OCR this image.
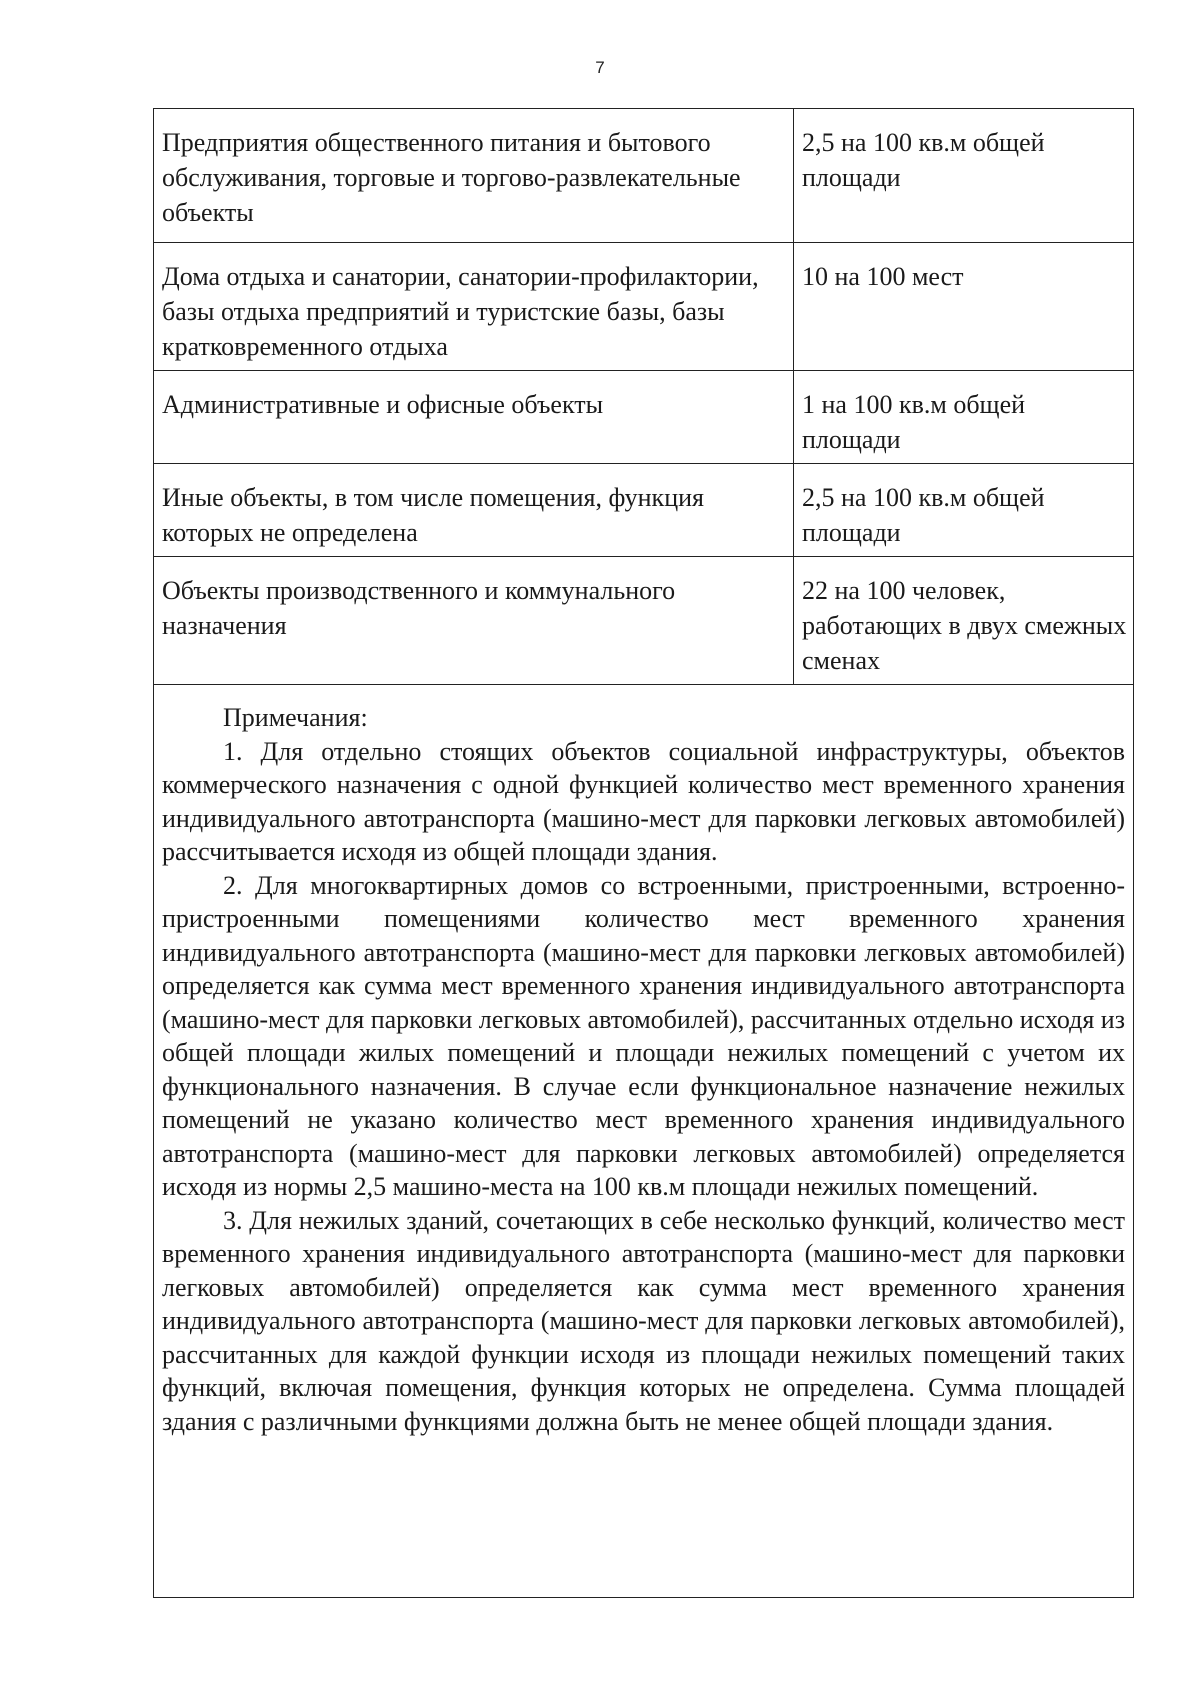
7
Предприятия общественного питания и бытового обслуживания, торговые и торгово-развлекательные объекты	2,5 на 100 кв.м общей площади
Дома отдыха и санатории, санатории-профилактории, базы отдыха предприятий и туристские базы, базы кратковременного отдыха	10 на 100 мест
Административные и офисные объекты	1 на 100 кв.м общей площади
Иные объекты, в том числе помещения, функция которых не определена	2,5 на 100 кв.м общей площади
Объекты производственного и коммунального назначения	22 на 100 человек, работающих в двух смежных сменах

Примечания:

1. Для отдельно стоящих объектов социальной инфраструктуры, объектов коммерческого назначения с одной функцией количество мест временного хранения индивидуального автотранспорта (машино-мест для парковки легковых автомобилей) рассчитывается исходя из общей площади здания.

2. Для многоквартирных домов со встроенными, пристроенными, встроенно-пристроенными помещениями количество мест временного хранения индивидуального автотранспорта (машино-мест для парковки легковых автомобилей) определяется как сумма мест временного хранения индивидуального автотранспорта (машино-мест для парковки легковых автомобилей), рассчитанных отдельно исходя из общей площади жилых помещений и площади нежилых помещений с учетом их функционального назначения. В случае если функциональное назначение нежилых помещений не указано количество мест временного хранения индивидуального автотранспорта (машино-мест для парковки легковых автомобилей) определяется исходя из нормы 2,5 машино-места на 100 кв.м площади нежилых помещений.

3. Для нежилых зданий, сочетающих в себе несколько функций, количество мест временного хранения индивидуального автотранспорта (машино-мест для парковки легковых автомобилей) определяется как сумма мест временного хранения индивидуального автотранспорта (машино-мест для парковки легковых автомобилей), рассчитанных для каждой функции исходя из площади нежилых помещений таких функций, включая помещения, функция которых не определена. Сумма площадей здания с различными функциями должна быть не менее общей площади здания.	
